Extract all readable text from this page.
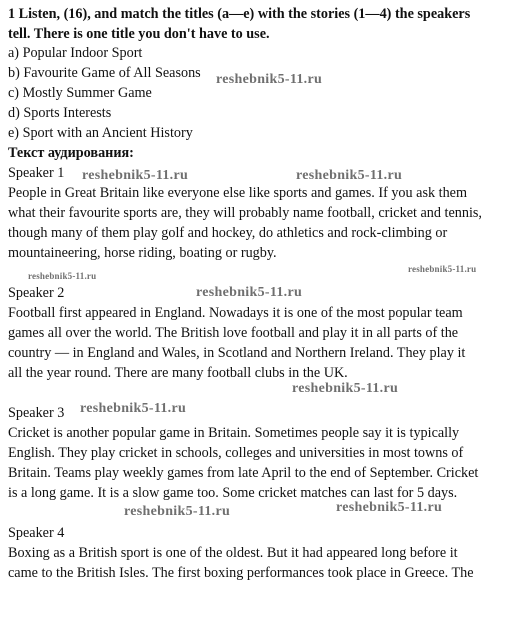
1 Listen, (16), and match the titles (a—e) with the stories (1—4) the speakers
tell. There is one title you don't have to use.
a) Popular Indoor Sport
b) Favourite Game of All Seasons
c) Mostly Summer Game
d) Sports Interests
e) Sport with an Ancient History
Текст аудирования:
Speaker 1
People in Great Britain like everyone else like sports and games. If you ask them
what their favourite sports are, they will probably name football, cricket and tennis,
though many of them play golf and hockey, do athletics and rock-climbing or
mountaineering, horse riding, boating or rugby.
Speaker 2
Football first appeared in England. Nowadays it is one of the most popular team
games all over the world. The British love football and play it in all parts of the
country — in England and Wales, in Scotland and Northern Ireland. They play it
all the year round. There are many football clubs in the UK.
Speaker 3
Cricket is another popular game in Britain. Sometimes people say it is typically
English. They play cricket in schools, colleges and universities in most towns of
Britain. Teams play weekly games from late April to the end of September. Cricket
is a long game. It is a slow game too. Some cricket matches can last for 5 days.
Speaker 4
Boxing as a British sport is one of the oldest. But it had appeared long before it
came to the British Isles. The first boxing performances took place in Greece. The
reshebnik5-11.ru
reshebnik5-11.ru	reshebnik5-11.ru
reshebnik5-11.ru
reshebnik5-11.ru
reshebnik5-11.ru
reshebnik5-11.ru
reshebnik5-11.ru
reshebnik5-11.ru	reshebnik5-11.ru
